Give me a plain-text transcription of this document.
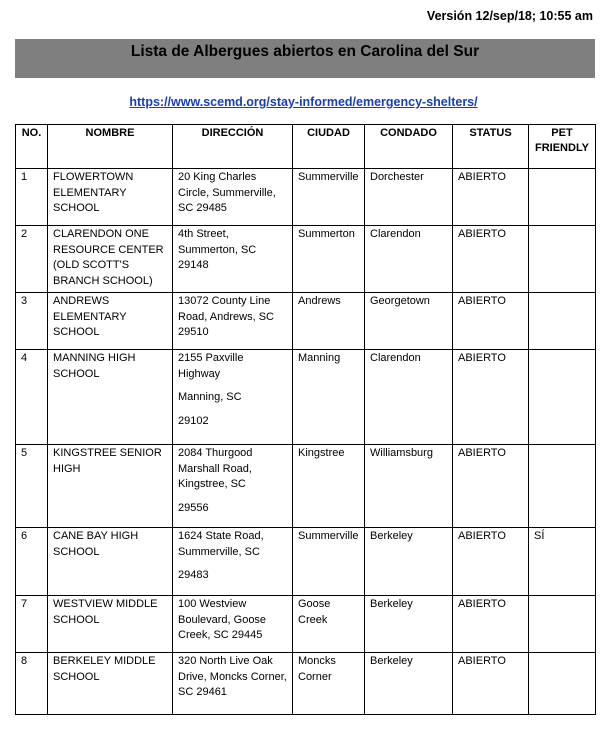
Versión 12/sep/18; 10:55 am
Lista de Albergues abiertos en Carolina del Sur
https://www.scemd.org/stay-informed/emergency-shelters/
NO.	NOMBRE	DIRECCIÓN	CIUDAD	CONDADO	STATUS	PET FRIENDLY
1	FLOWERTOWN ELEMENTARY SCHOOL	20 King Charles Circle, Summerville, SC 29485	Summerville	Dorchester	ABIERTO	
2	CLARENDON ONE RESOURCE CENTER (OLD SCOTT'S BRANCH SCHOOL)	4th Street, Summerton, SC 29148	Summerton	Clarendon	ABIERTO	
3	ANDREWS ELEMENTARY SCHOOL	13072 County Line Road, Andrews, SC 29510	Andrews	Georgetown	ABIERTO	
4	MANNING HIGH SCHOOL	2155 Paxville Highway
Manning, SC
29102	Manning	Clarendon	ABIERTO	
5	KINGSTREE SENIOR HIGH	2084 Thurgood Marshall Road, Kingstree, SC
29556	Kingstree	Williamsburg	ABIERTO	
6	CANE BAY HIGH SCHOOL	1624 State Road, Summerville, SC
29483	Summerville	Berkeley	ABIERTO	SÍ
7	WESTVIEW MIDDLE SCHOOL	100 Westview Boulevard, Goose Creek, SC 29445	Goose Creek	Berkeley	ABIERTO	
8	BERKELEY MIDDLE SCHOOL	320 North Live Oak Drive, Moncks Corner, SC 29461	Moncks Corner	Berkeley	ABIERTO	
